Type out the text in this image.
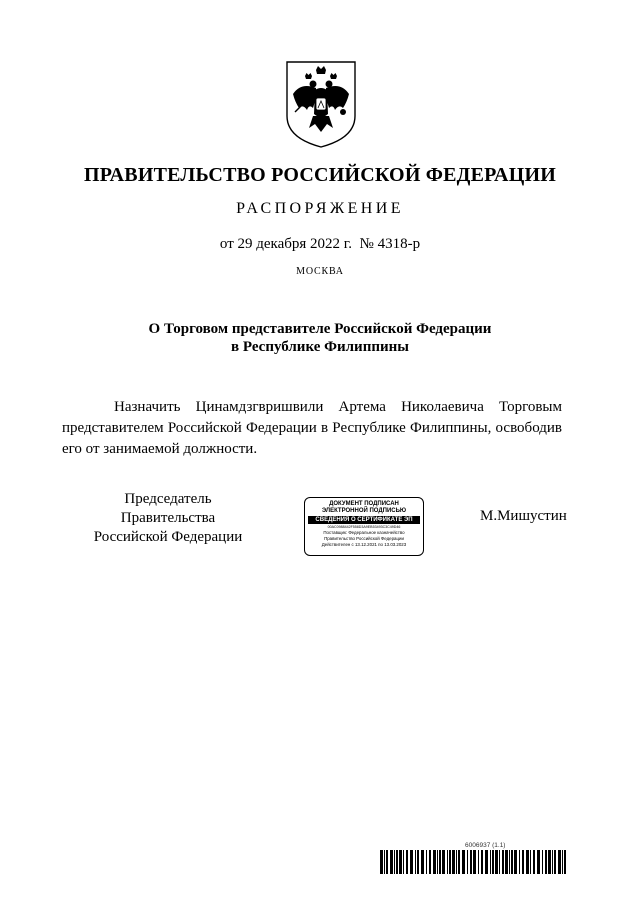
ПРАВИТЕЛЬСТВО РОССИЙСКОЙ ФЕДЕРАЦИИ
РАСПОРЯЖЕНИЕ
от 29 декабря 2022 г.  № 4318-р
МОСКВА
О Торговом представителе Российской Федерации
в Республике Филиппины
Назначить Цинамдзгвришвили Артема Николаевича Торговым представителем Российской Федерации в Республике Филиппины, освободив его от занимаемой должности.
Председатель Правительства
Российской Федерации
ДОКУМЕНТ ПОДПИСАН
ЭЛЕКТРОННОЙ ПОДПИСЬЮ
СВЕДЕНИЯ О СЕРТИФИКАТЕ ЭП
00AC0988442F558D3A9EB53493C3C49D46
Поставщик: Федеральное казначейство
Правительство Российской Федерации
Действителен с 13.12.2021 по 13.03.2023
М.Мишустин
6006937 (1.1)
